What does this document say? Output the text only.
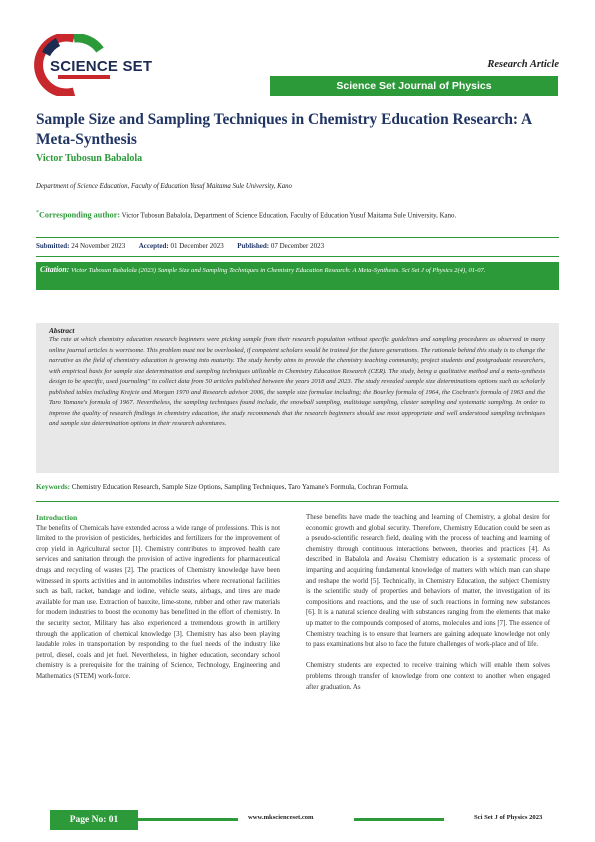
SCIENCE SET	Research Article
Science Set Journal of Physics
Sample Size and Sampling Techniques in Chemistry Education Research: A Meta-Synthesis
Victor Tubosun Babalola
Department of Science Education, Faculty of Education Yusuf Maitama Sule University, Kano
*Corresponding author: Victor Tubosun Babalola, Department of Science Education, Faculty of Education Yusuf Maitama Sule University, Kano.
Submitted: 24 November 2023 Accepted: 01 December 2023 Published: 07 December 2023
Citation: Victor Tubosun Babalola (2023) Sample Size and Sampling Techniques in Chemistry Education Research: A Meta-Synthesis. Sci Set J of Physics 2(4), 01-07.
Abstract
The rate at which chemistry education research beginners were picking sample from their research population without specific guidelines and sampling procedures as observed in many online journal articles is worrisome. This problem must not be overlooked, if competent scholars would be trained for the future generations. The rationale behind this study is to change the narrative as the field of chemistry education is growing into maturity. The study hereby aims to provide the chemistry teaching community, project students and postgraduate researchers, with empirical basis for sample size determination and sampling techniques utilizable in Chemistry Education Research (CER). The study, being a qualitative method and a meta-synthesis design to be specific, used journaling" to collect data from 50 articles published between the years 2018 and 2023. The study revealed sample size determinations options such as scholarly published tables including Krejcie and Morgan 1970 and Research advisor 2006, the sample size formulae including; the Bourley formula of 1964, the Cochran's formula of 1963 and the Taro Yamane's formula of 1967. Nevertheless, the sampling techniques found include, the snowball sampling, multistage sampling, cluster sampling and systematic sampling. In order to improve the quality of research findings in chemistry education, the study recommends that the research beginners should use most appropriate and well understood sampling techniques and sample size determination options in their research adventures.
Keywords: Chemistry Education Research, Sample Size Options, Sampling Techniques, Taro Yamane's Formula, Cochran Formula.
Introduction

The benefits of Chemicals have extended across a wide range of professions. This is not limited to the provision of pesticides, herbicides and fertilizers for the improvement of crop yield in Agricultural sector [1]. Chemistry contributes to improved health care services and sanitation through the provision of active ingredients for pharmaceutical drugs and recycling of wastes [2]. The practices of Chemistry knowledge have been witnessed in sports activities and in automobiles industries where recreational facilities such as ball, racket, bandage and iodine, vehicle seats, airbags, and tires are made available for man use. Extraction of bauxite, lime-stone, rubber and other raw materials for modern industries to boost the economy has benefitted in the effort of chemistry. In the security sector, Military has also experienced a tremendous growth in artillery through the application of chemical knowledge [3]. Chemistry has also been playing laudable roles in transportation by responding to the fuel needs of the industry like petrol, diesel, coals and jet fuel. Nevertheless, in higher education, secondary school chemistry is a prerequisite for the training of Science, Technology, Engineering and Mathematics (STEM) work-force.

These benefits have made the teaching and learning of Chemistry, a global desire for economic growth and global security. Therefore, Chemistry Education could be seen as a pseudo-scientific research field, dealing with the process of teaching and learning of chemistry through continuous interactions between, theories and practices [4]. As described in Babalola and Awaisu Chemistry education is a systematic process of imparting and acquiring fundamental knowledge of matters with which man can shape and reshape the world [5]. Technically, in Chemistry Education, the subject Chemistry is the scientific study of properties and behaviors of matter, the investigation of its compositions and reactions, and the use of such reactions in forming new substances [6]. It is a natural science dealing with substances ranging from the elements that make up matter to the compounds composed of atoms, molecules and ions [7]. The essence of Chemistry teaching is to ensure that learners are gaining adequate knowledge not only to pass examinations but also to face the future challenges of work-place and of life.

Chemistry students are expected to receive training which will enable them solves problems through transfer of knowledge from one context to another when engaged after graduation. As

Page No: 01	www.mkscienceset.com	Sci Set J of Physics 2023
